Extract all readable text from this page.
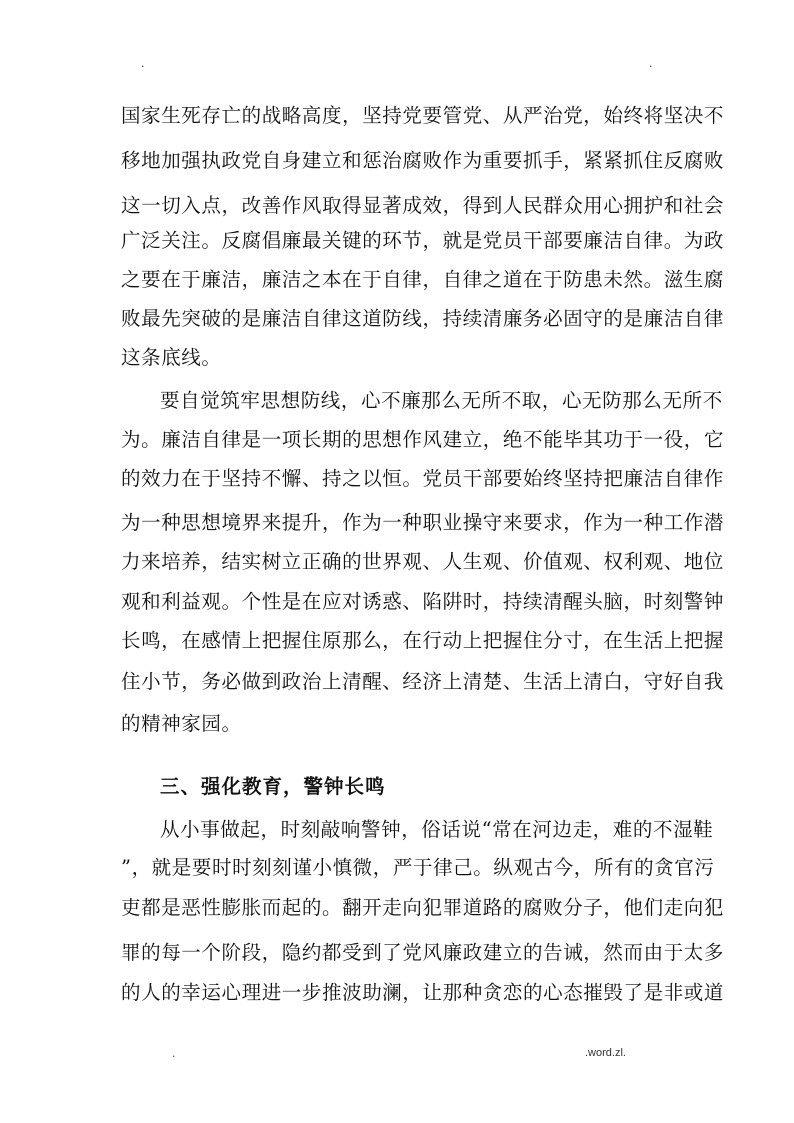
.	.
国家生死存亡的战略高度，坚持党要管党、从严治党，始终将坚决不
移地加强执政党自身建立和惩治腐败作为重要抓手，紧紧抓住反腐败
这一切入点，改善作风取得显著成效，得到人民群众用心拥护和社会
广泛关注。反腐倡廉最关键的环节，就是党员干部要廉洁自律。为政
之要在于廉洁，廉洁之本在于自律，自律之道在于防患未然。滋生腐
败最先突破的是廉洁自律这道防线，持续清廉务必固守的是廉洁自律
这条底线。
要自觉筑牢思想防线，心不廉那么无所不取，心无防那么无所不
为。廉洁自律是一项长期的思想作风建立，绝不能毕其功于一役，它
的效力在于坚持不懈、持之以恒。党员干部要始终坚持把廉洁自律作
为一种思想境界来提升，作为一种职业操守来要求，作为一种工作潜
力来培养，结实树立正确的世界观、人生观、价值观、权利观、地位
观和利益观。个性是在应对诱惑、陷阱时，持续清醒头脑，时刻警钟
长鸣，在感情上把握住原那么，在行动上把握住分寸，在生活上把握
住小节，务必做到政治上清醒、经济上清楚、生活上清白，守好自我
的精神家园。
三、强化教育，警钟长鸣
从小事做起，时刻敲响警钟，俗话说“常在河边走，难的不湿鞋
”，就是要时时刻刻谨小慎微，严于律己。纵观古今，所有的贪官污
吏都是恶性膨胀而起的。翻开走向犯罪道路的腐败分子，他们走向犯
罪的每一个阶段，隐约都受到了党风廉政建立的告诫，然而由于太多
的人的幸运心理进一步推波助澜，让那种贪恋的心态摧毁了是非或道
.	.word.zl.
